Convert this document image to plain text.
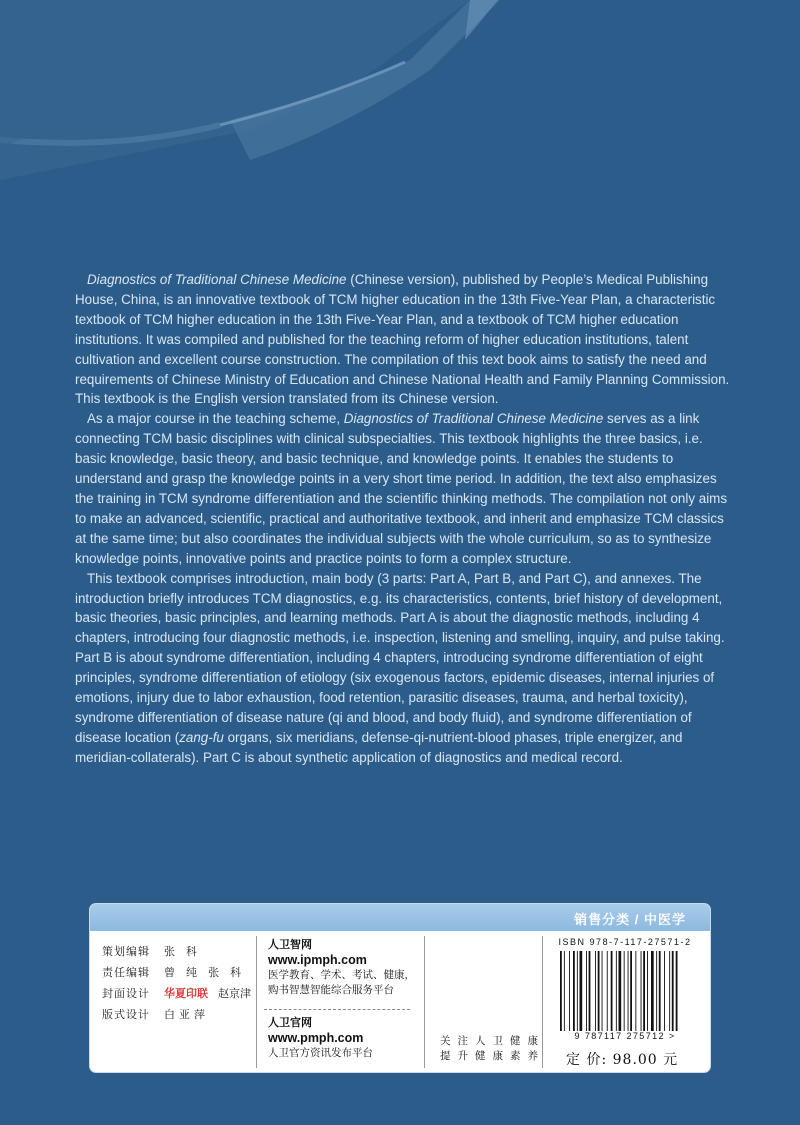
Diagnostics of Traditional Chinese Medicine (Chinese version), published by People’s Medical Publishing House, China, is an innovative textbook of TCM higher education in the 13th Five-Year Plan, a characteristic textbook of TCM higher education in the 13th Five-Year Plan, and a textbook of TCM higher education institutions. It was compiled and published for the teaching reform of higher education institutions, talent cultivation and excellent course construction. The compilation of this text book aims to satisfy the need and requirements of Chinese Ministry of Education and Chinese National Health and Family Planning Commission. This textbook is the English version translated from its Chinese version.

As a major course in the teaching scheme, Diagnostics of Traditional Chinese Medicine serves as a link connecting TCM basic disciplines with clinical subspecialties. This textbook highlights the three basics, i.e. basic knowledge, basic theory, and basic technique, and knowledge points. It enables the students to understand and grasp the knowledge points in a very short time period. In addition, the text also emphasizes the training in TCM syndrome differentiation and the scientific thinking methods. The compilation not only aims to make an advanced, scientific, practical and authoritative textbook, and inherit and emphasize TCM classics at the same time; but also coordinates the individual subjects with the whole curriculum, so as to synthesize knowledge points, innovative points and practice points to form a complex structure.

This textbook comprises introduction, main body (3 parts: Part A, Part B, and Part C), and annexes. The introduction briefly introduces TCM diagnostics, e.g. its characteristics, contents, brief history of development, basic theories, basic principles, and learning methods. Part A is about the diagnostic methods, including 4 chapters, introducing four diagnostic methods, i.e. inspection, listening and smelling, inquiry, and pulse taking. Part B is about syndrome differentiation, including 4 chapters, introducing syndrome differentiation of eight principles, syndrome differentiation of etiology (six exogenous factors, epidemic diseases, internal injuries of emotions, injury due to labor exhaustion, food retention, parasitic diseases, trauma, and herbal toxicity), syndrome differentiation of disease nature (qi and blood, and body fluid), and syndrome differentiation of disease location (zang-fu organs, six meridians, defense-qi-nutrient-blood phases, triple energizer, and meridian-collaterals). Part C is about synthetic application of diagnostics and medical record.

销售分类 / 中医学
策划编辑	张 科
责任编辑	曾 纯 张 科
封面设计	华夏印联 赵京津
版式设计	白亚萍
人卫智网
www.ipmph.com
医学教育、学术、考试、健康，
购书智慧智能综合服务平台
人卫官网
www.pmph.com
人卫官方资讯发布平台
关注人卫健康
提升健康素养
ISBN 978-7-117-27571-2
9 787117 275712 >
定 价: 98.00 元
